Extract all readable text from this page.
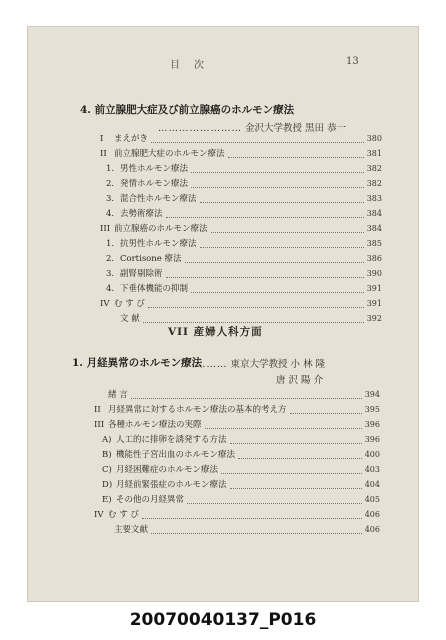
目次	13
4. 前立腺肥大症及び前立腺癌のホルモン療法
…………………… 金沢大学教授 黒田 恭一
I	まえがき	380
II 前立腺肥大症のホルモン療法	381
1. 男性ホルモン療法	382
2. 発情ホルモン療法	382
3. 混合性ホルモン療法	383
4. 去勢術療法	384
III 前立腺癌のホルモン療法	384
1. 抗男性ホルモン療法	385
2. Cortisone 療法	386
3. 副腎剔除術	390
4. 下垂体機能の抑制	391
IV む す び	391
文 献	392
VII 産婦人科方面
1. 月経異常のホルモン療法
……… 東京大学教授 小 林 隆
唐 沢 陽 介
緒 言	394
II 月経異常に対するホルモン療法の基本的考え方	395
III 各種ホルモン療法の実際	396
A) 人工的に排卵を誘発する方法	396
B) 機能性子宮出血のホルモン療法	400
C) 月経困難症のホルモン療法	403
D) 月経前緊張症のホルモン療法	404
E) その他の月経異常	405
IV む す び	406
主要文献	406
20070040137_P016
